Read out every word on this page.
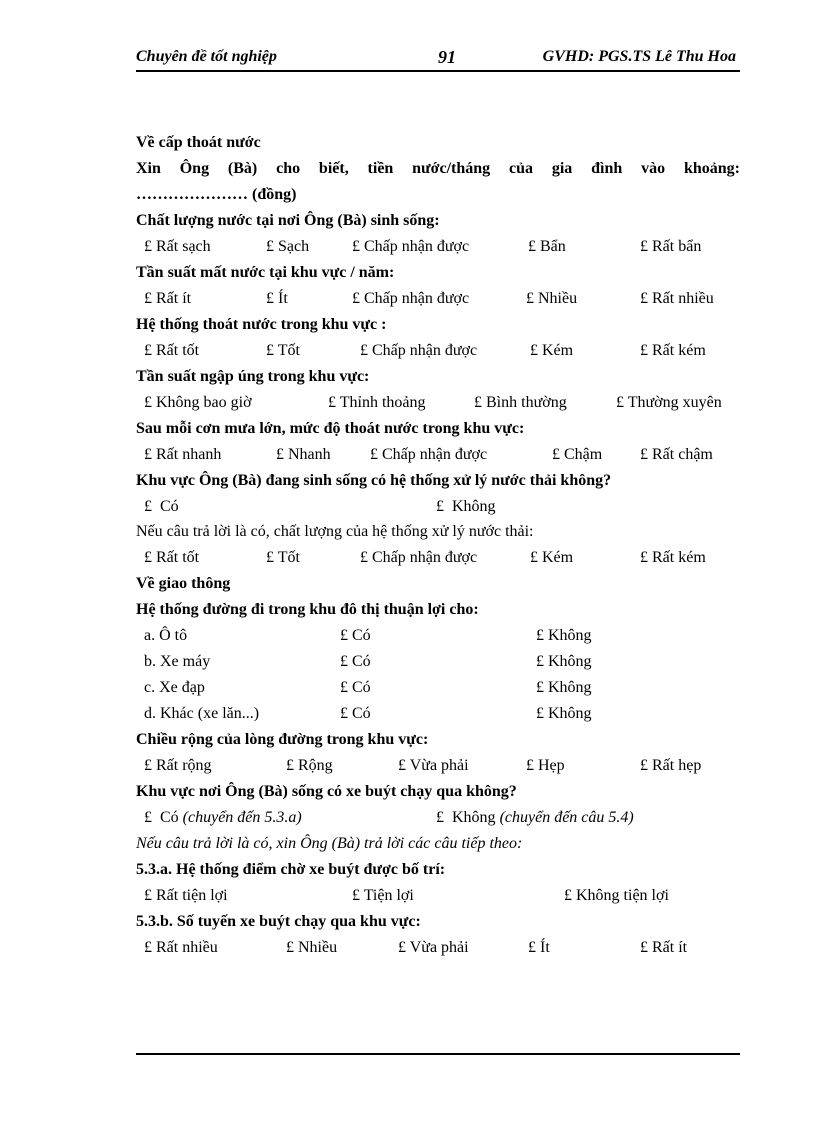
Chuyên đề tốt nghiệp	91	GVHD: PGS.TS Lê Thu Hoa
Về cấp thoát nước
Xin Ông (Bà) cho biết, tiền nước/tháng của gia đình vào khoảng:
………………… (đồng)
Chất lượng nước tại nơi Ông (Bà) sinh sống:
£ Rất sạch	£ Sạch	£ Chấp nhận được	£ Bẩn	£ Rất bẩn
Tần suất mất nước tại khu vực / năm:
£ Rất ít	£ Ít	£ Chấp nhận được	£ Nhiều	£ Rất nhiều
Hệ thống thoát nước trong khu vực :
£ Rất tốt	£ Tốt	£ Chấp nhận được	£ Kém	£ Rất kém
Tần suất ngập úng trong khu vực:
£ Không bao giờ	£ Thỉnh thoảng	£ Bình thường	£ Thường xuyên
Sau mỗi cơn mưa lớn, mức độ thoát nước trong khu vực:
£ Rất nhanh	£ Nhanh £ Chấp nhận được	£ Chậm £ Rất chậm
Khu vực Ông (Bà) đang sinh sống có hệ thống xử lý nước thải không?
£ Có	£ Không
Nếu câu trả lời là có, chất lượng của hệ thống xử lý nước thải:
£ Rất tốt	£ Tốt	£ Chấp nhận được	£ Kém	£ Rất kém
Về giao thông
Hệ thống đường đi trong khu đô thị thuận lợi cho:
a. Ô tô	£ Có	£ Không
b. Xe máy	£ Có	£ Không
c. Xe đạp	£ Có	£ Không
d. Khác (xe lăn...)	£ Có	£ Không
Chiều rộng của lòng đường trong khu vực:
£ Rất rộng	£ Rộng	£ Vừa phải	£ Hẹp	£ Rất hẹp
Khu vực nơi Ông (Bà) sống có xe buýt chạy qua không?
£ Có (chuyển đến 5.3.a)	£ Không (chuyển đến câu 5.4)
Nếu câu trả lời là có, xin Ông (Bà) trả lời các câu tiếp theo:
5.3.a. Hệ thống điểm chờ xe buýt được bố trí:
£ Rất tiện lợi	£ Tiện lợi	£ Không tiện lợi
5.3.b. Số tuyến xe buýt chạy qua khu vực:
£ Rất nhiều	£ Nhiều	£ Vừa phải	£ Ít	£ Rất ít
